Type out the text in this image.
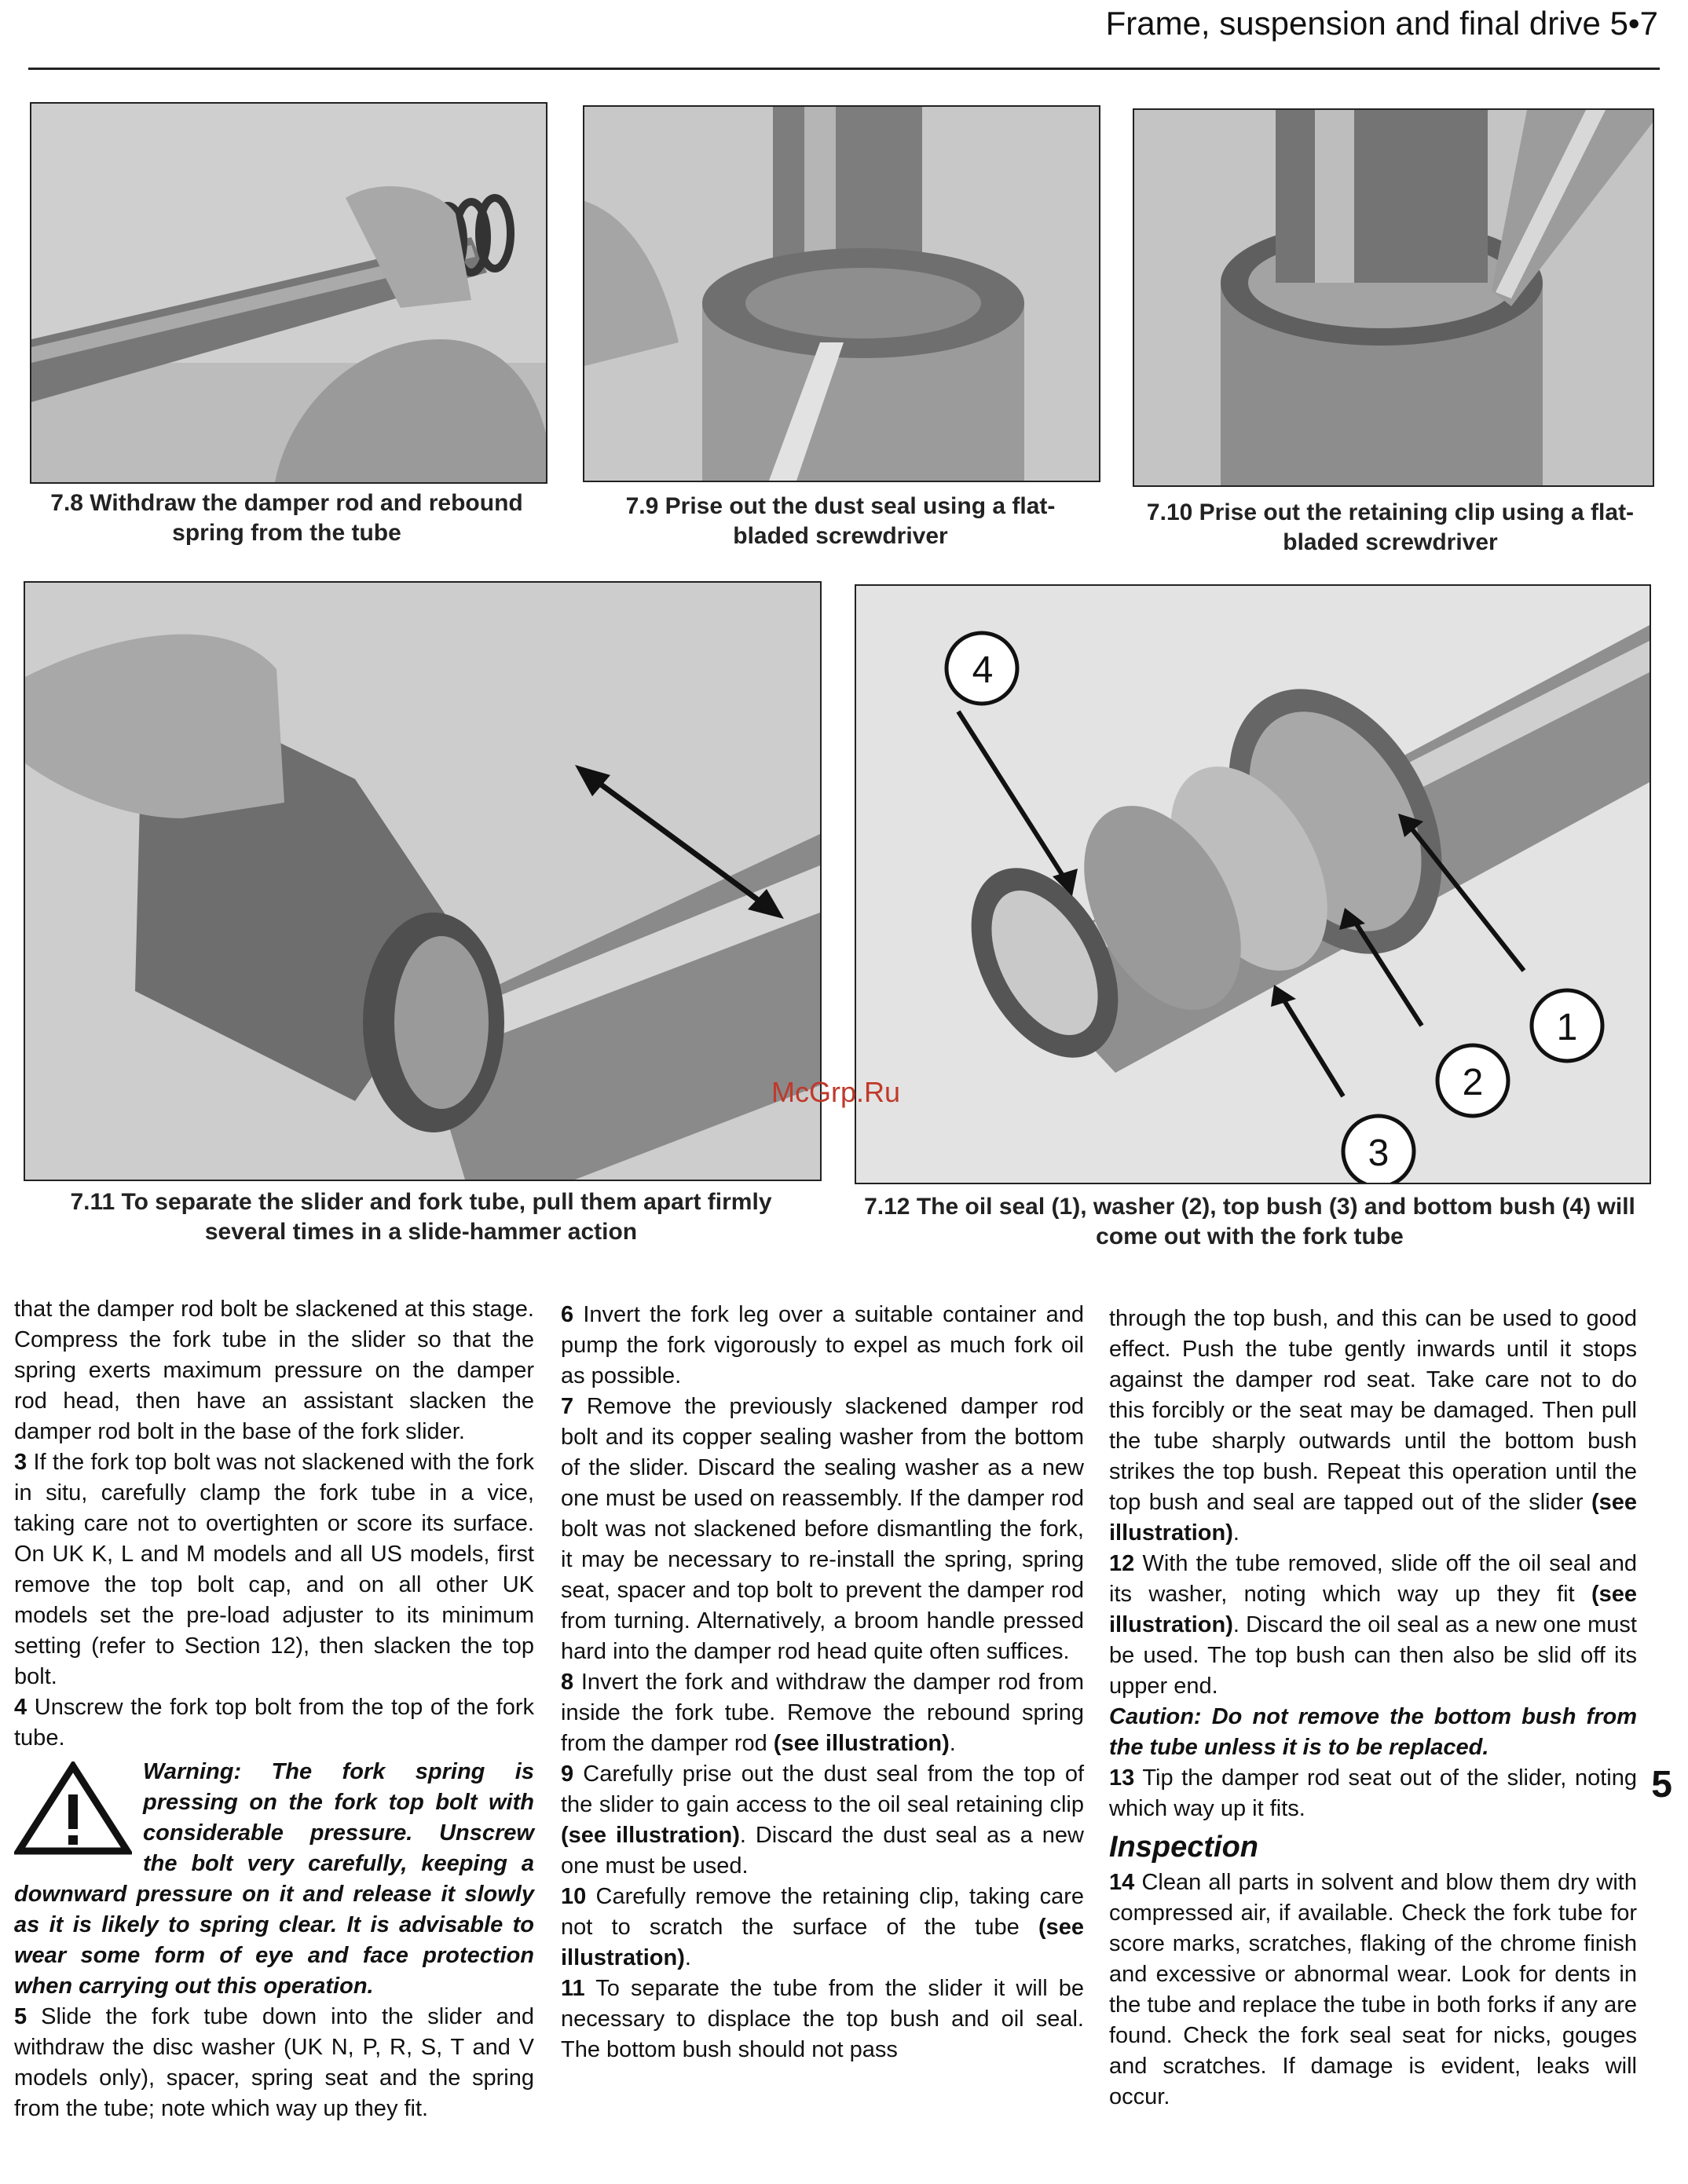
Frame, suspension and final drive 5•7
7.8 Withdraw the damper rod and rebound spring from the tube
7.9 Prise out the dust seal using a flat-bladed screwdriver
7.10 Prise out the retaining clip using a flat-bladed screwdriver
7.11 To separate the slider and fork tube, pull them apart firmly several times in a slide-hammer action
4
1
2
3
7.12 The oil seal (1), washer (2), top bush (3) and bottom bush (4) will come out with the fork tube
McGrp.Ru

that the damper rod bolt be slackened at this stage. Compress the fork tube in the slider so that the spring exerts maximum pressure on the damper rod head, then have an assistant slacken the damper rod bolt in the base of the fork slider.

3 If the fork top bolt was not slackened with the fork in situ, carefully clamp the fork tube in a vice, taking care not to overtighten or score its surface. On UK K, L and M models and all US models, first remove the top bolt cap, and on all other UK models set the pre-load adjuster to its minimum setting (refer to Section 12), then slacken the top bolt.

4 Unscrew the fork top bolt from the top of the fork tube.

Warning: The fork spring is pressing on the fork top bolt with considerable pressure. Unscrew the bolt very carefully, keeping a downward pressure on it and release it slowly as it is likely to spring clear. It is advisable to wear some form of eye and face protection when carrying out this operation.

5 Slide the fork tube down into the slider and withdraw the disc washer (UK N, P, R, S, T and V models only), spacer, spring seat and the spring from the tube; note which way up they fit.

6 Invert the fork leg over a suitable container and pump the fork vigorously to expel as much fork oil as possible.

7 Remove the previously slackened damper rod bolt and its copper sealing washer from the bottom of the slider. Discard the sealing washer as a new one must be used on reassembly. If the damper rod bolt was not slackened before dismantling the fork, it may be necessary to re-install the spring, spring seat, spacer and top bolt to prevent the damper rod from turning. Alternatively, a broom handle pressed hard into the damper rod head quite often suffices.

8 Invert the fork and withdraw the damper rod from inside the fork tube. Remove the rebound spring from the damper rod (see illustration).

9 Carefully prise out the dust seal from the top of the slider to gain access to the oil seal retaining clip (see illustration). Discard the dust seal as a new one must be used.

10 Carefully remove the retaining clip, taking care not to scratch the surface of the tube (see illustration).

11 To separate the tube from the slider it will be necessary to displace the top bush and oil seal. The bottom bush should not pass

through the top bush, and this can be used to good effect. Push the tube gently inwards until it stops against the damper rod seat. Take care not to do this forcibly or the seat may be damaged. Then pull the tube sharply outwards until the bottom bush strikes the top bush. Repeat this operation until the top bush and seal are tapped out of the slider (see illustration).

12 With the tube removed, slide off the oil seal and its washer, noting which way up they fit (see illustration). Discard the oil seal as a new one must be used. The top bush can then also be slid off its upper end.

Caution: Do not remove the bottom bush from the tube unless it is to be replaced.

13 Tip the damper rod seat out of the slider, noting which way up it fits.

Inspection

14 Clean all parts in solvent and blow them dry with compressed air, if available. Check the fork tube for score marks, scratches, flaking of the chrome finish and excessive or abnormal wear. Look for dents in the tube and replace the tube in both forks if any are found. Check the fork seal seat for nicks, gouges and scratches. If damage is evident, leaks will occur.

5
